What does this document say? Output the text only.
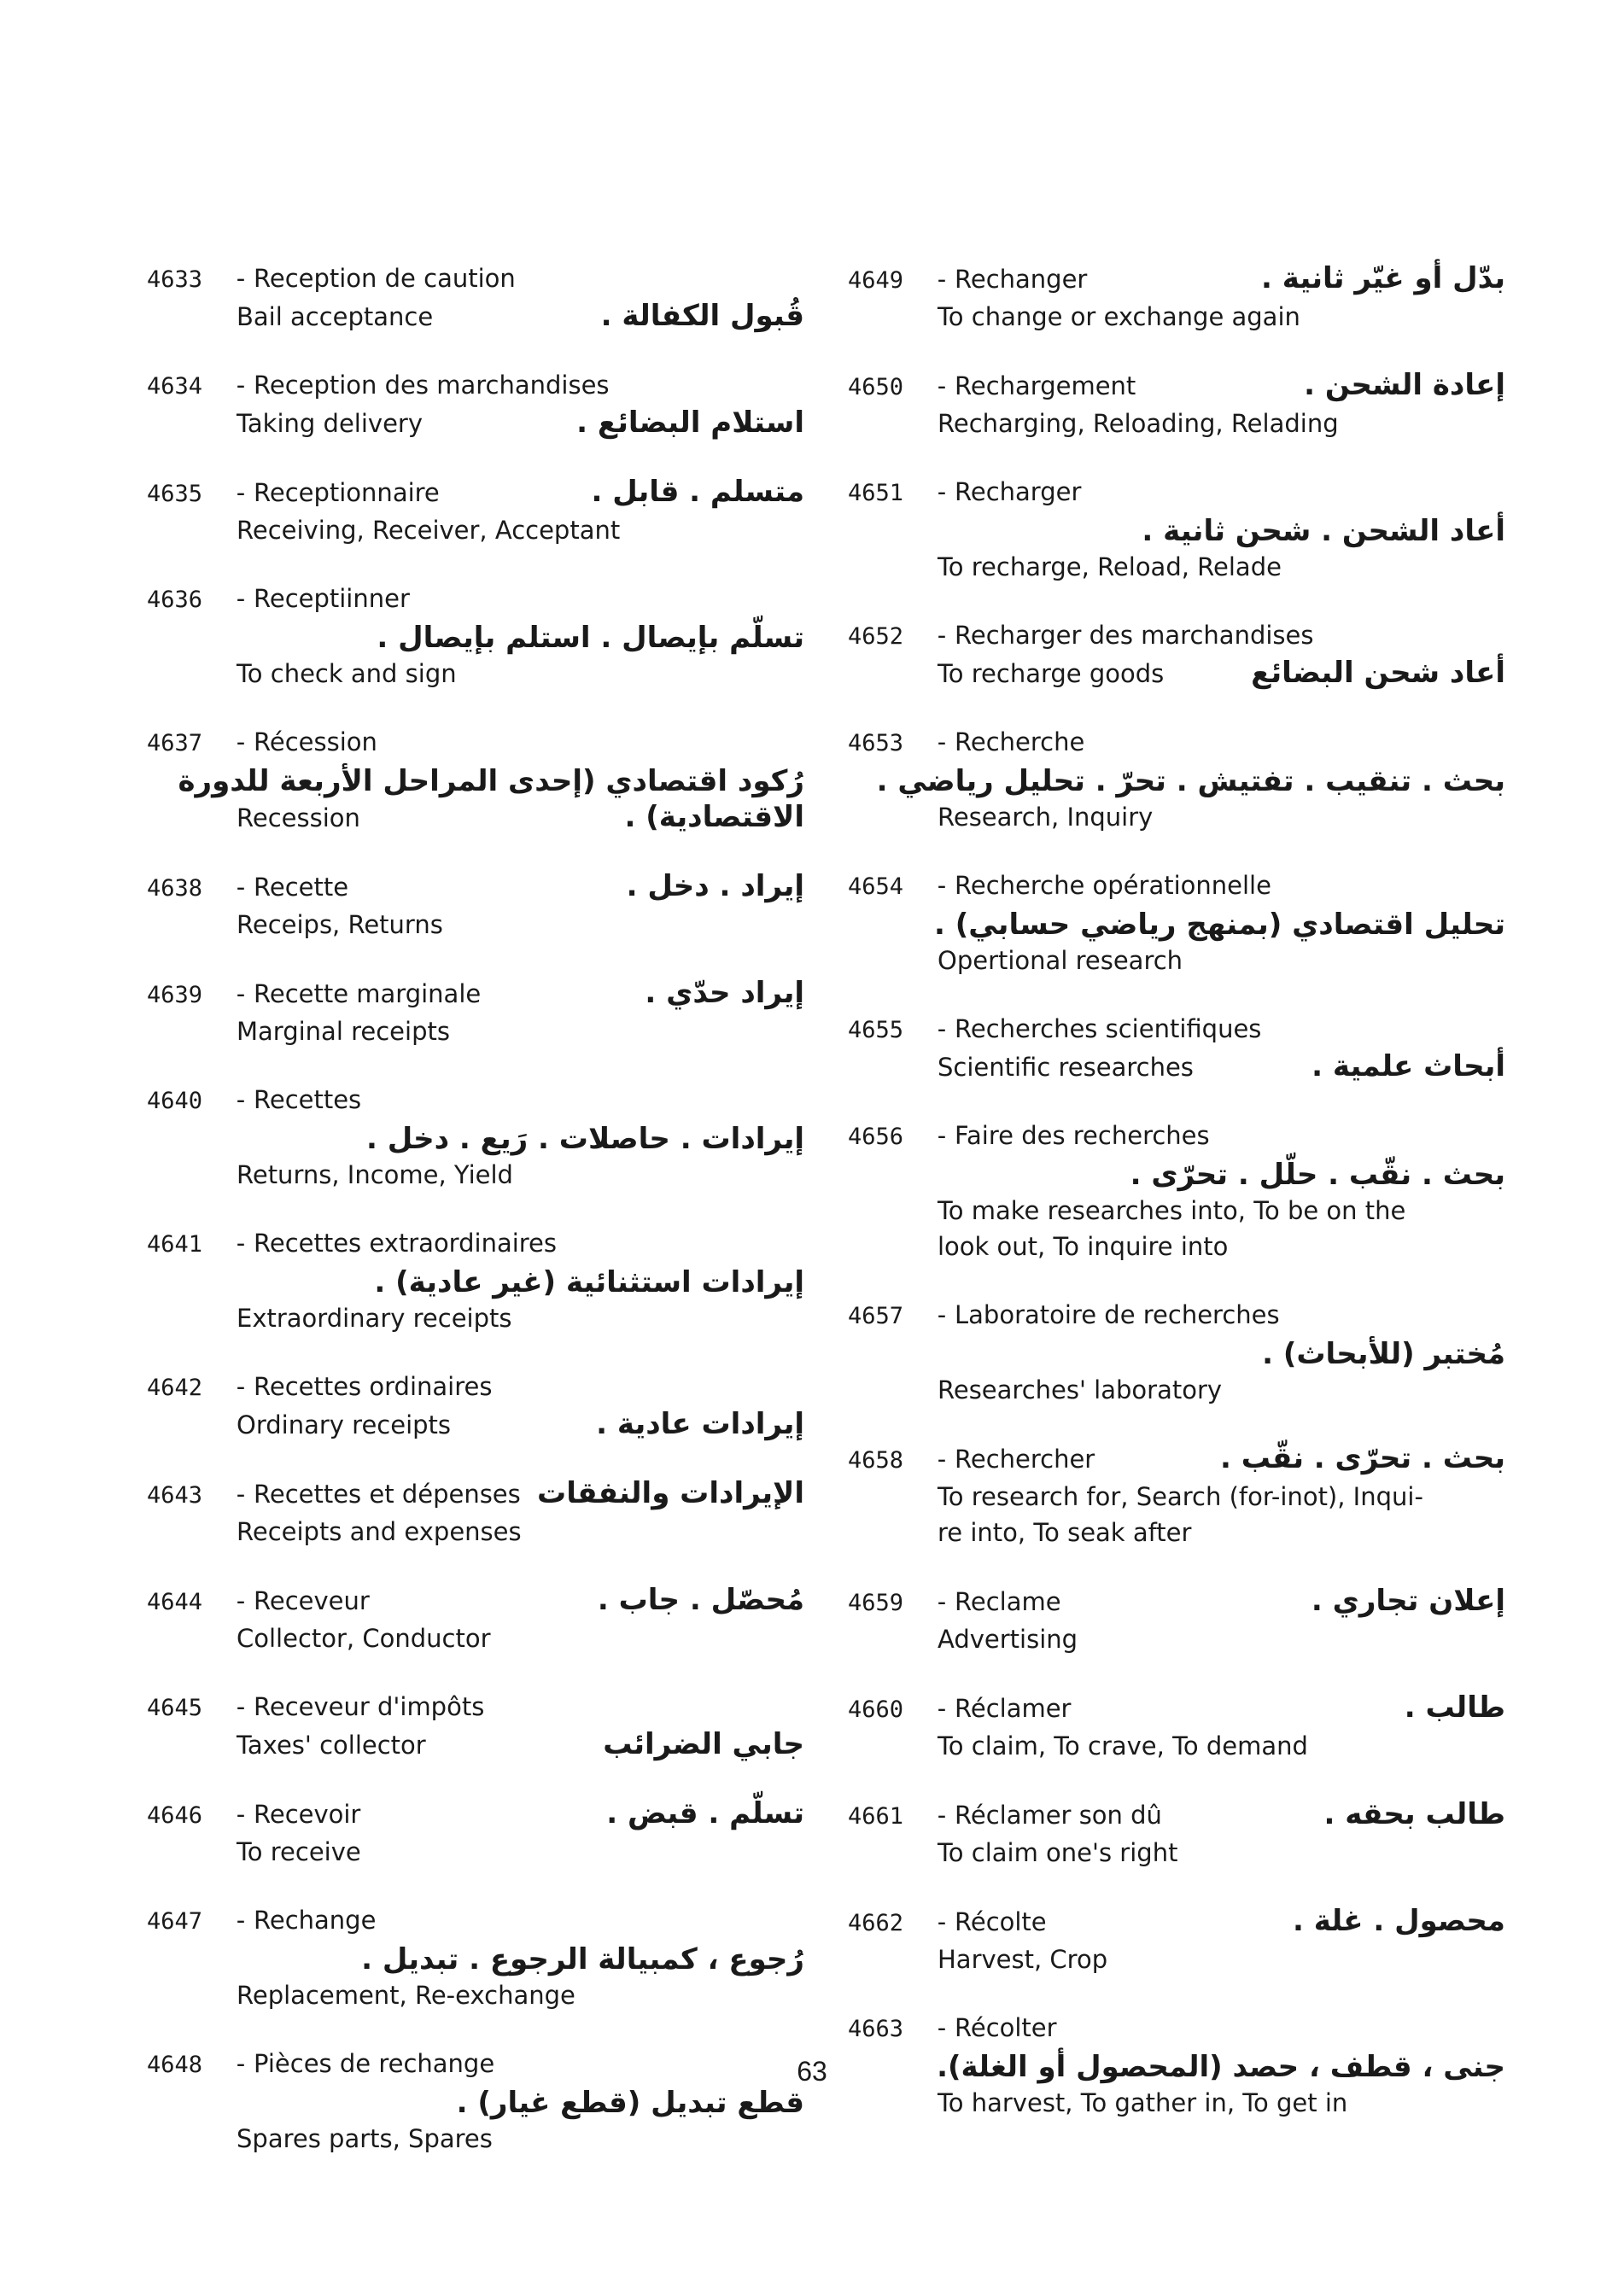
4633	- Reception de caution
Bail acceptance	قُبول الكفالة .
4634	- Reception des marchandises
Taking delivery	استلام البضائع .
4635	- Receptionnaire	متسلم . قابل .
Receiving, Receiver, Acceptant
4636	- Receptiinner
تسلّم بإيصال . استلم بإيصال .
To check and sign
4637	- Récession
رُكود اقتصادي (إحدى المراحل الأربعة للدورة
Recession	الاقتصادية) .
4638	- Recette	إيراد . دخل .
Receips, Returns
4639	- Recette marginale	إيراد حدّي .
Marginal receipts
4640	- Recettes
إيرادات . حاصلات . رَيع . دخل .
Returns, Income, Yield
4641	- Recettes extraordinaires
إيرادات استثنائية (غير عادية) .
Extraordinary receipts
4642	- Recettes ordinaires
Ordinary receipts	إيرادات عادية .
4643	- Recettes et dépenses الإيرادات والنفقات
Receipts and expenses
4644	- Receveur	مُحصّل . جاب .
Collector, Conductor
4645	- Receveur d'impôts
Taxes' collector	جابي الضرائب
4646	- Recevoir	تسلّم . قبض .
To receive
4647	- Rechange
رُجوع ، كمبيالة الرجوع . تبديل .
Replacement, Re-exchange
4648	- Pièces de rechange
قطع تبديل (قطع غيار) .
Spares parts, Spares
4649	- Rechanger	بدّل أو غيّر ثانية .
To change or exchange again
4650	- Rechargement	إعادة الشحن .
Recharging, Reloading, Relading
4651	- Recharger
أعاد الشحن . شحن ثانية .
To recharge, Reload, Relade
4652	- Recharger des marchandises
To recharge goods	أعاد شحن البضائع
4653	- Recherche
بحث . تنقيب . تفتيش . تحرّ . تحليل رياضي .
Research, Inquiry
4654	- Recherche opérationnelle
تحليل اقتصادي (بمنهج رياضي حسابي) .
Opertional research
4655	- Recherches scientifiques
Scientific researches	أبحاث علمية .
4656	- Faire des recherches
بحث . نقّب . حلّل . تحرّى .
To make researches into, To be on the
look out, To inquire into
4657	- Laboratoire de recherches
مُختبر (للأبحاث) .
Researches' laboratory
4658	- Rechercher	بحث . تحرّى . نقّب .
To research for, Search (for-inot), Inqui-
re into, To seak after
4659	- Reclame	إعلان تجاري .
Advertising
4660	- Réclamer	طالب .
To claim, To crave, To demand
4661	- Réclamer son dû	طالب بحقه .
To claim one's right
4662	- Récolte	محصول . غلة .
Harvest, Crop
4663	- Récolter
جنى ، قطف ، حصد (المحصول أو الغلة).
To harvest, To gather in, To get in
63
